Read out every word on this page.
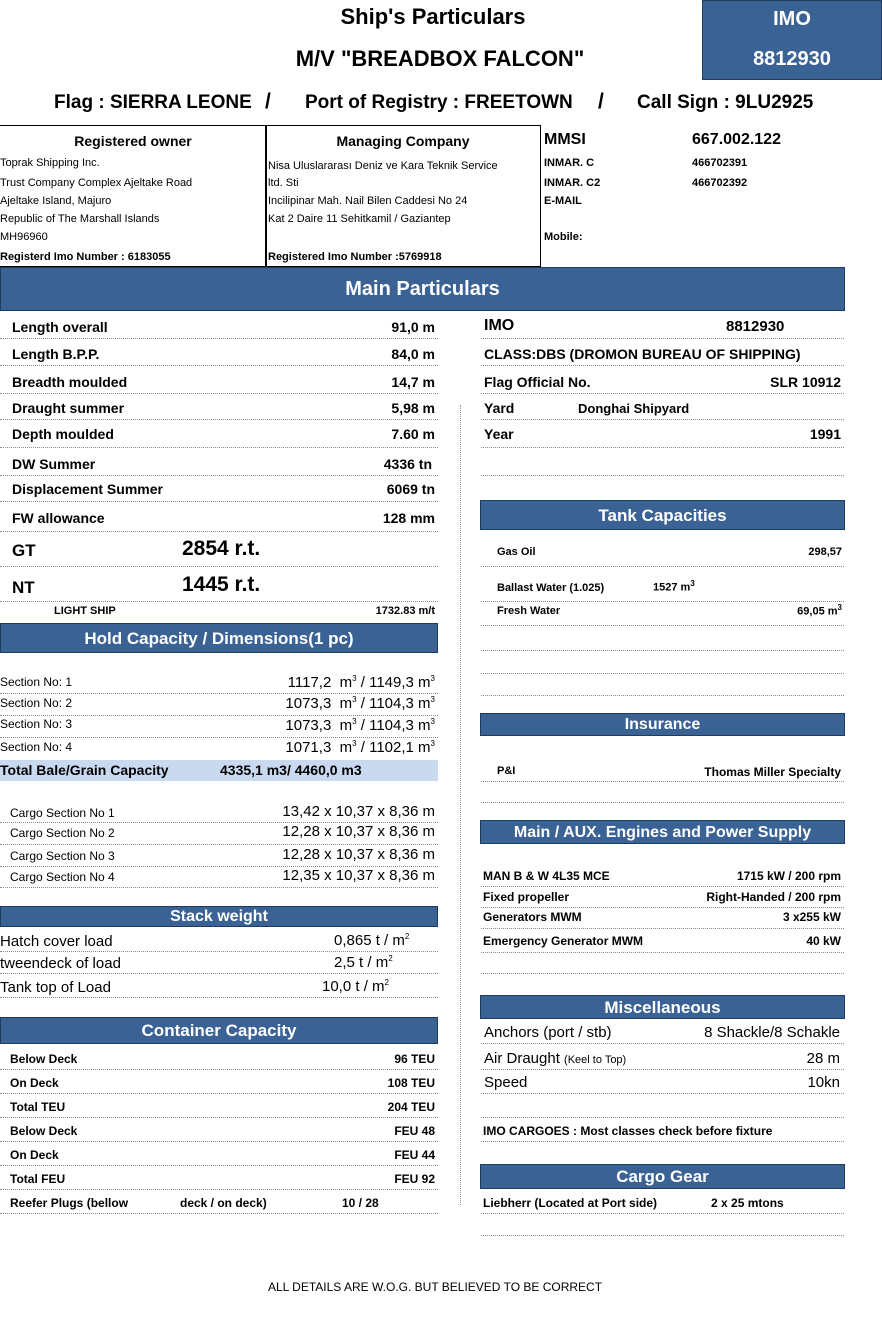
Ship's Particulars
M/V "BREADBOX FALCON"
IMO
8812930
Flag : SIERRA LEONE / Port of Registry : FREETOWN / Call Sign : 9LU2925
Registered owner
Toprak Shipping Inc.
Trust Company Complex Ajeltake Road
Ajeltake Island, Majuro
Republic of The Marshall Islands
MH96960
Registerd Imo Number : 6183055
Managing Company
Nisa Uluslararası Deniz ve Kara Teknik Service
ltd. Sti
Incilipinar Mah. Nail Bilen Caddesi No 24
Kat 2 Daire 11 Sehitkamil / Gaziantep
Registered Imo Number :5769918
MMSI	667.002.122
INMAR. C	466702391
INMAR. C2	466702392
E-MAIL
Mobile:
Main Particulars
Length overall	91,0 m
Length B.P.P.	84,0 m
Breadth moulded	14,7 m
Draught summer	5,98 m
Depth moulded	7.60 m
DW Summer	4336 tn
Displacement Summer	6069 tn
FW allowance	128 mm
GT	2854 r.t.
NT	1445 r.t.
LIGHT SHIP	1732.83 m/t
IMO	8812930
CLASS:DBS (DROMON BUREAU OF SHIPPING)
Flag Official No.	SLR 10912
Yard	Donghai Shipyard
Year	1991
Tank Capacities
Gas Oil	298,57
Ballast Water (1.025)	1527 $m^3$
Fresh Water	69,05 $m^3$
Hold Capacity / Dimensions(1 pc)
Section No: 1	1117,2 $m^3 / 1149,3$ $m^3$
Section No: 2	1073,3 $m^3 / 1104,3$ $m^3$
Section No: 3	1073,3 $m^3 / 1104,3$ $m^3$
Section No: 4	1071,3 $m^3 / 1102,1$ $m^3$
Total Bale/Grain Capacity	4335,1 m3/ 4460,0 m3
Cargo Section No 1	13,42 x 10,37 x 8,36 m
Cargo Section No 2	12,28 x 10,37 x 8,36 m
Cargo Section No 3	12,28 x 10,37 x 8,36 m
Cargo Section No 4	12,35 x 10,37 x 8,36 m
Insurance
P&I	Thomas Miller Specialty
Main / AUX. Engines and Power Supply
MAN B & W 4L35 MCE	1715 kW / 200 rpm
Fixed propeller	Right-Handed / 200 rpm
Generators MWM	3 x255 kW
Emergency Generator MWM	40 kW
Stack weight
Hatch cover load	0,865 t / $m^2$
tweendeck of load	2,5 t / $m^2$
Tank top of Load	10,0 t / $m^2$
Miscellaneous
Anchors (port / stb)	8 Shackle/8 Schakle
Air Draught (Keel to Top)	28 m
Speed	10kn
IMO CARGOES : Most classes check before fixture
Container Capacity
Below Deck	96 TEU
On Deck	108 TEU
Total TEU	204 TEU
Below Deck	FEU 48
On Deck	FEU 44
Total FEU	FEU 92
Reefer Plugs (bellow	deck / on deck)	10 / 28
Cargo Gear
Liebherr (Located at Port side)	2 x 25 mtons
ALL DETAILS ARE W.O.G. BUT BELIEVED TO BE CORRECT
